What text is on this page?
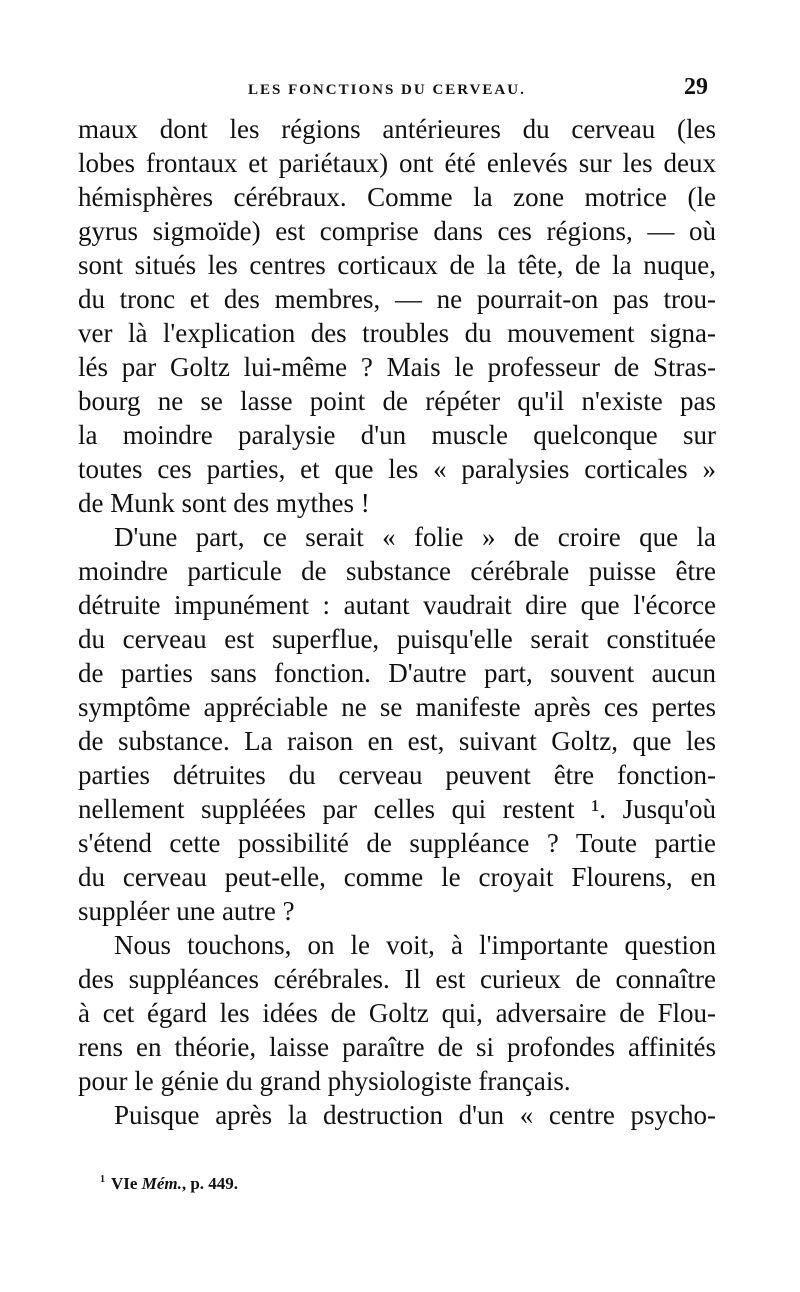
LES FONCTIONS DU CERVEAU.	29
maux dont les régions antérieures du cerveau (les
lobes frontaux et pariétaux) ont été enlevés sur les deux
hémisphères cérébraux. Comme la zone motrice (le
gyrus sigmoïde) est comprise dans ces régions, — où
sont situés les centres corticaux de la tête, de la nuque,
du tronc et des membres, — ne pourrait-on pas trou-
ver là l'explication des troubles du mouvement signa-
lés par Goltz lui-même ? Mais le professeur de Stras-
bourg ne se lasse point de répéter qu'il n'existe pas
la moindre paralysie d'un muscle quelconque sur
toutes ces parties, et que les « paralysies corticales »
de Munk sont des mythes !
D'une part, ce serait « folie » de croire que la
moindre particule de substance cérébrale puisse être
détruite impunément : autant vaudrait dire que l'écorce
du cerveau est superflue, puisqu'elle serait constituée
de parties sans fonction. D'autre part, souvent aucun
symptôme appréciable ne se manifeste après ces pertes
de substance. La raison en est, suivant Goltz, que les
parties détruites du cerveau peuvent être fonction-
nellement suppléées par celles qui restent ¹. Jusqu'où
s'étend cette possibilité de suppléance ? Toute partie
du cerveau peut-elle, comme le croyait Flourens, en
suppléer une autre ?
Nous touchons, on le voit, à l'importante question
des suppléances cérébrales. Il est curieux de connaître
à cet égard les idées de Goltz qui, adversaire de Flou-
rens en théorie, laisse paraître de si profondes affinités
pour le génie du grand physiologiste français.
Puisque après la destruction d'un « centre psycho-
$^1$ VIe Mém., p. 449.
